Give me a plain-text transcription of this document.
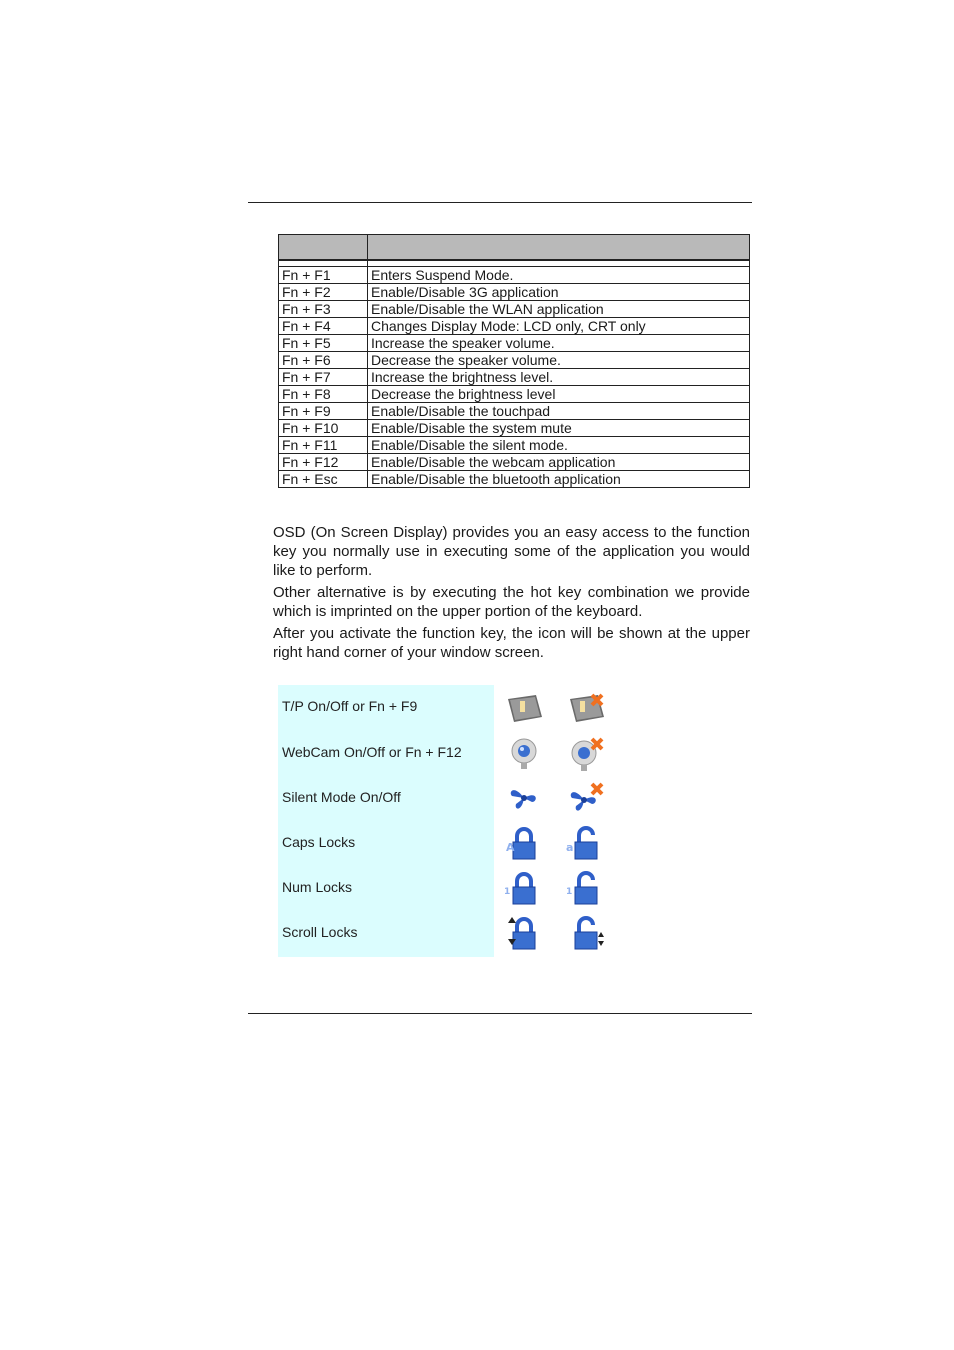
Fn + F1	Enters Suspend Mode.
Fn + F2	Enable/Disable 3G application
Fn + F3	Enable/Disable the WLAN application
Fn + F4	Changes Display Mode: LCD only, CRT only
Fn + F5	Increase the speaker volume.
Fn + F6	Decrease the speaker volume.
Fn + F7	Increase the brightness level.
Fn + F8	Decrease the brightness level
Fn + F9	Enable/Disable the touchpad
Fn + F10	Enable/Disable the system mute
Fn + F11	Enable/Disable the silent mode.
Fn + F12	Enable/Disable the webcam application
Fn + Esc	Enable/Disable the bluetooth application

OSD (On Screen Display) provides you an easy access to the function key you normally use in executing some of the application you would like to perform.

Other alternative is by executing the hot key combination we provide which is imprinted on the upper portion of the keyboard.

After you activate the function key, the icon will be shown at the upper right hand corner of your window screen.

T/P On/Off or Fn + F9
WebCam On/Off or Fn + F12
Silent Mode On/Off
Caps Locks	A	a
Num Locks	1	1
Scroll Locks
